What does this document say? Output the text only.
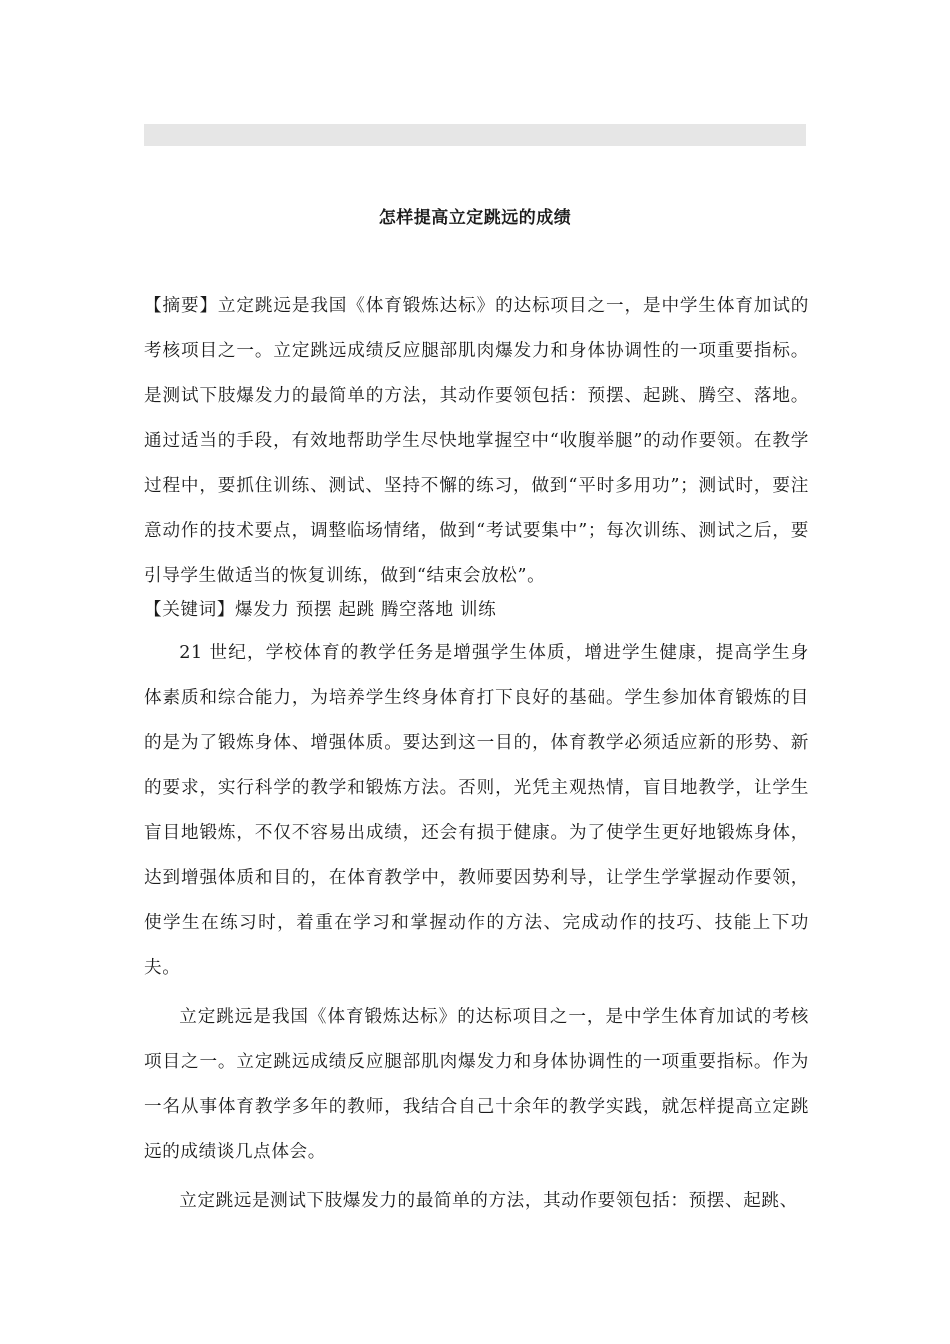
怎样提高立定跳远的成绩

【摘要】立定跳远是我国《体育锻炼达标》的达标项目之一，是中学生体育加试的考核项目之一。立定跳远成绩反应腿部肌肉爆发力和身体协调性的一项重要指标。是测试下肢爆发力的最简单的方法，其动作要领包括：预摆、起跳、腾空、落地。通过适当的手段，有效地帮助学生尽快地掌握空中“收腹举腿”的动作要领。在教学过程中，要抓住训练、测试、坚持不懈的练习，做到“平时多用功”；测试时，要注意动作的技术要点，调整临场情绪，做到“考试要集中”；每次训练、测试之后，要引导学生做适当的恢复训练，做到“结束会放松”。

【关键词】爆发力 预摆 起跳 腾空落地 训练

21 世纪，学校体育的教学任务是增强学生体质，增进学生健康，提高学生身体素质和综合能力，为培养学生终身体育打下良好的基础。学生参加体育锻炼的目的是为了锻炼身体、增强体质。要达到这一目的，体育教学必须适应新的形势、新的要求，实行科学的教学和锻炼方法。否则，光凭主观热情，盲目地教学，让学生盲目地锻炼，不仅不容易出成绩，还会有损于健康。为了使学生更好地锻炼身体，达到增强体质和目的，在体育教学中，教师要因势利导，让学生学掌握动作要领，使学生在练习时，着重在学习和掌握动作的方法、完成动作的技巧、技能上下功夫。

立定跳远是我国《体育锻炼达标》的达标项目之一，是中学生体育加试的考核项目之一。立定跳远成绩反应腿部肌肉爆发力和身体协调性的一项重要指标。作为一名从事体育教学多年的教师，我结合自己十余年的教学实践，就怎样提高立定跳远的成绩谈几点体会。

立定跳远是测试下肢爆发力的最简单的方法，其动作要领包括：预摆、起跳、
